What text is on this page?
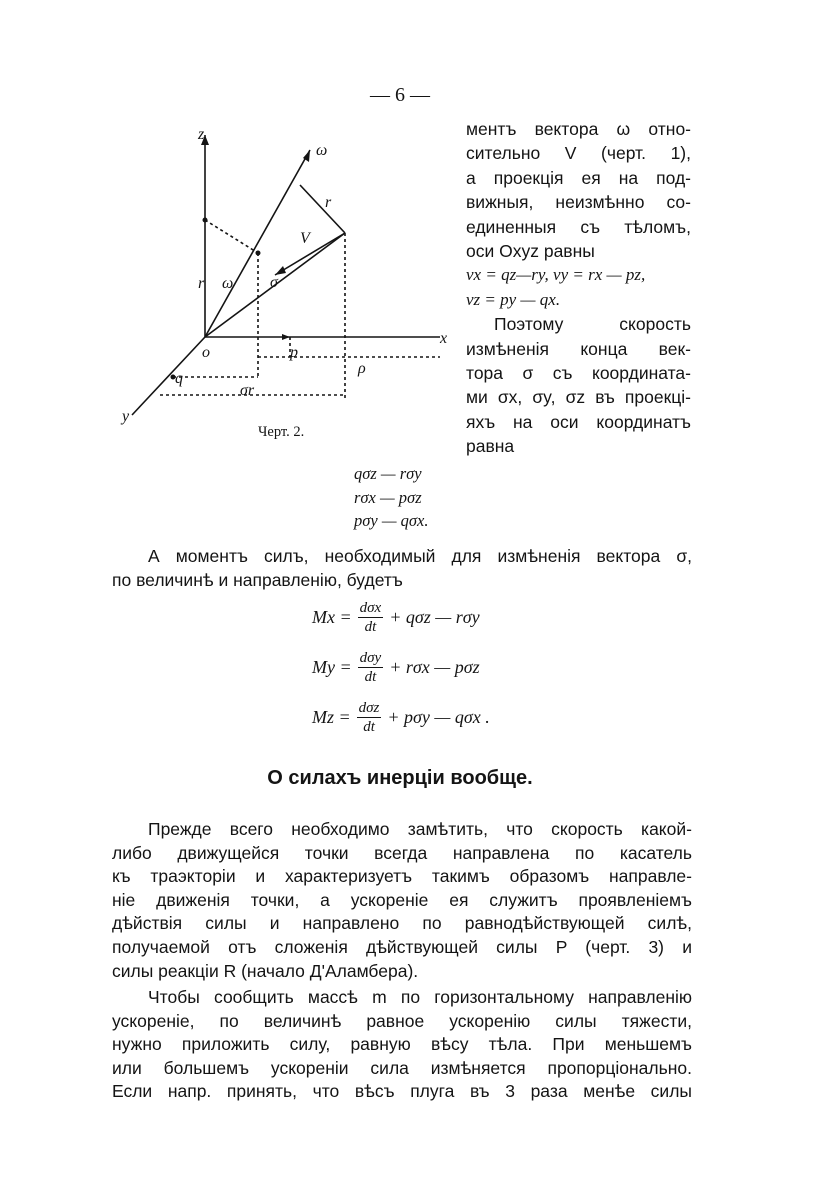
— 6 —
z
ω
x
y
o
r
V
σ
r ω
q
p
σr
ρ
Черт. 2.
ментъ вектора ω отно-
сительно V (черт. 1),
а проекція ея на под-
вижныя, неизмѣнно со-
единенныя съ тѣломъ,
оси Oxyz равны
vx = qz—ry, vy = rx — pz,
vz = py — qx.
Поэтому скорость
измѣненія конца век-
тора σ съ координата-
ми σx, σy, σz въ проекці-
яхъ на оси координатъ
равна
qσz — rσy
rσx — pσz
pσy — qσx.
А моментъ силъ, необходимый для измѣненія вектора σ,
по величинѣ и направленію, будетъ
$Mx = \frac{\text{dσx}}{dt} + q\sigma z$ — rσy
$My = \frac{\text{dσy}}{dt} + r\sigma x$ — pσz
$Mz = \frac{\text{dσz}}{dt} + p\sigma y$ — qσx .
О силахъ инерціи вообще.
Прежде всего необходимо замѣтить, что скорость какой-
либо движущейся точки всегда направлена по касатель
къ траэкторіи и характеризуетъ такимъ образомъ направле-
ніе движенія точки, а ускореніе ея служитъ проявленіемъ
дѣйствія силы и направлено по равнодѣйствующей силѣ,
получаемой отъ сложенія дѣйствующей силы P (черт. 3) и
силы реакціи R (начало Д'Аламбера).
Чтобы сообщить массѣ m по горизонтальному направленію
ускореніе, по величинѣ равное ускоренію силы тяжести,
нужно приложить силу, равную вѣсу тѣла. При меньшемъ
или большемъ ускореніи сила измѣняется пропорціонально.
Если напр. принять, что вѣсъ плуга въ 3 раза менѣе силы
